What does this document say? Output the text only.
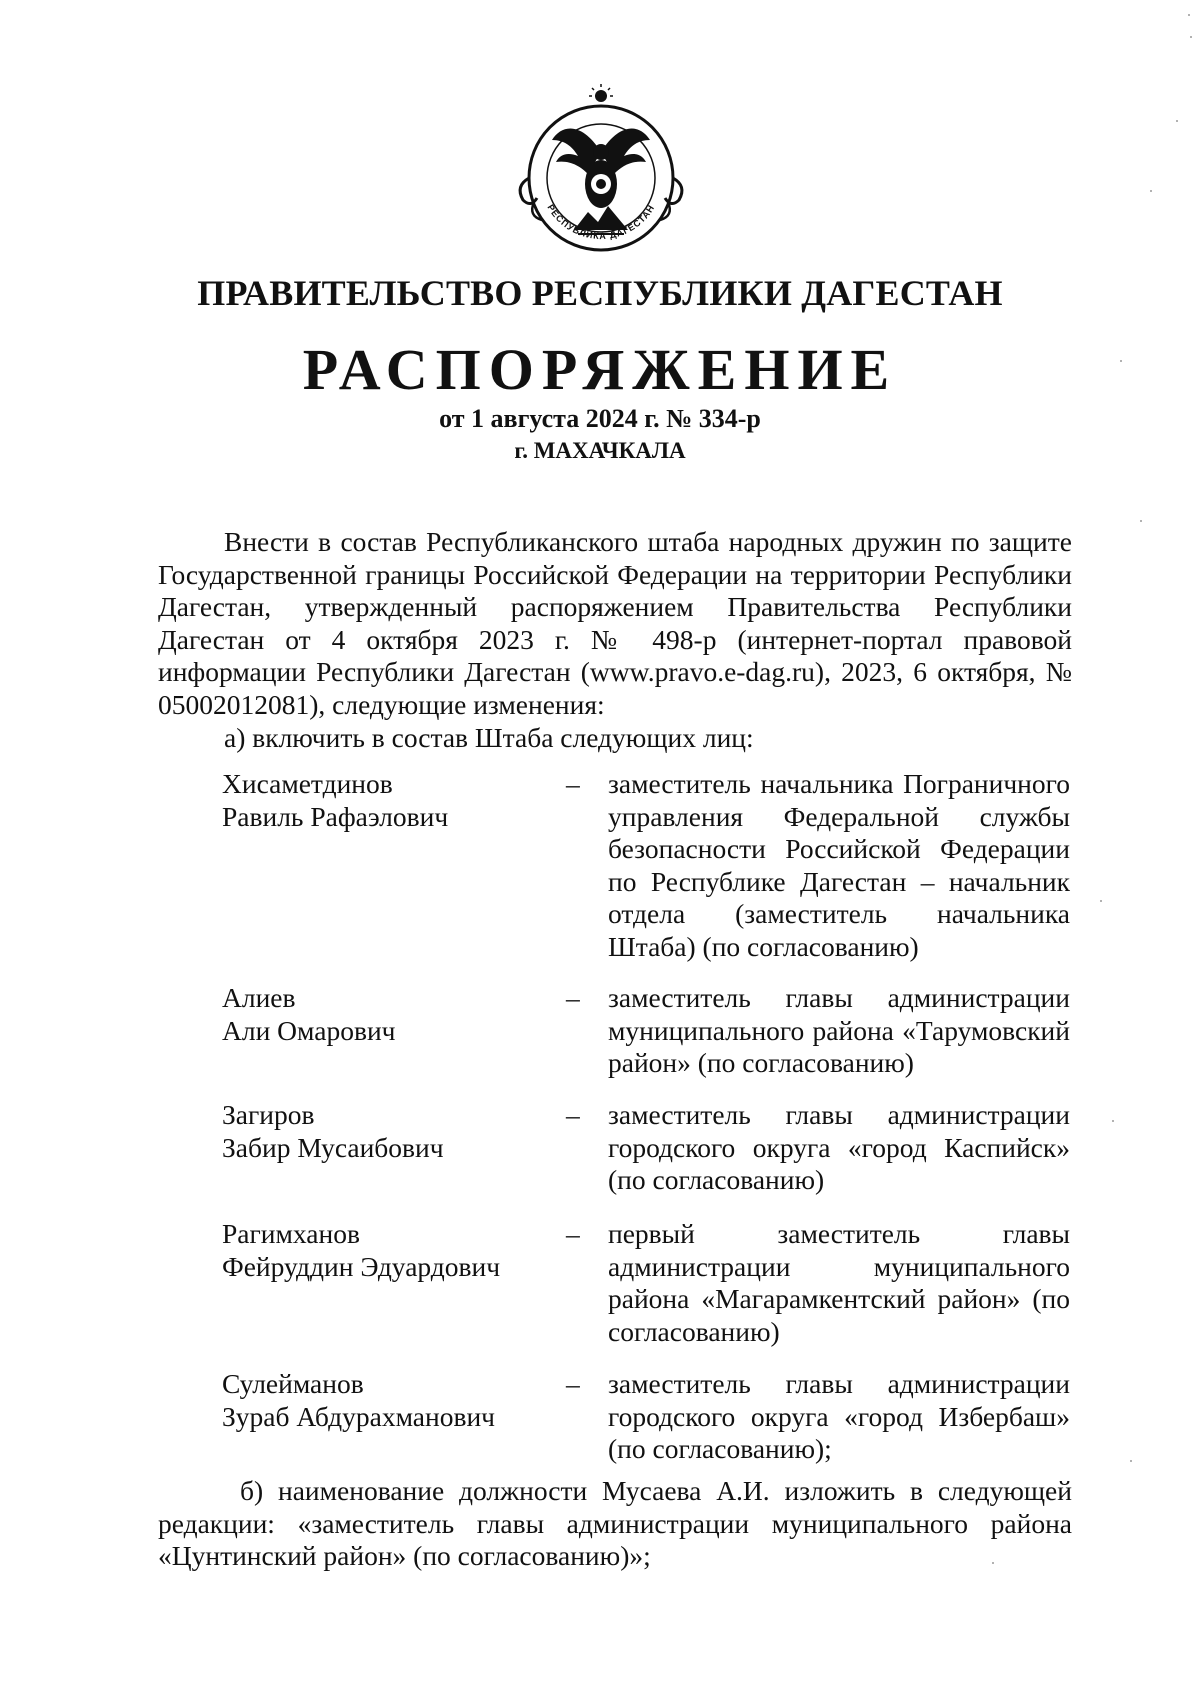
РЕСПУБЛИКА ДАГЕСТАН
ПРАВИТЕЛЬСТВО РЕСПУБЛИКИ ДАГЕСТАН
РАСПОРЯЖЕНИЕ
от 1 августа 2024 г. № 334-р
г. МАХАЧКАЛА
Внести в состав Республиканского штаба народных дружин по защите Государственной границы Российской Федерации на территории Республики Дагестан, утвержденный распоряжением Правительства Республики Дагестан от 4 октября 2023 г. № 498-р (интернет-портал правовой информации Республики Дагестан (www.pravo.e-dag.ru), 2023, 6 октября, № 05002012081), следующие изменения:
а) включить в состав Штаба следующих лиц:
Хисаметдинов
Равиль Рафаэлович
– заместитель начальника Пограничного управления Федеральной службы безопасности Российской Федерации по Республике Дагестан – начальник отдела (заместитель начальника Штаба) (по согласованию)
Алиев
Али Омарович
– заместитель главы администрации муниципального района «Тарумовский район» (по согласованию)
Загиров
Забир Мусаибович
– заместитель главы администрации городского округа «город Каспийск» (по согласованию)
Рагимханов
Фейруддин Эдуардович
– первый заместитель главы администрации муниципального района «Магарамкентский район» (по согласованию)
Сулейманов
Зураб Абдурахманович
– заместитель главы администрации городского округа «город Избербаш» (по согласованию);
б) наименование должности Мусаева А.И. изложить в следующей редакции: «заместитель главы администрации муниципального района «Цунтинский район» (по согласованию)»;
